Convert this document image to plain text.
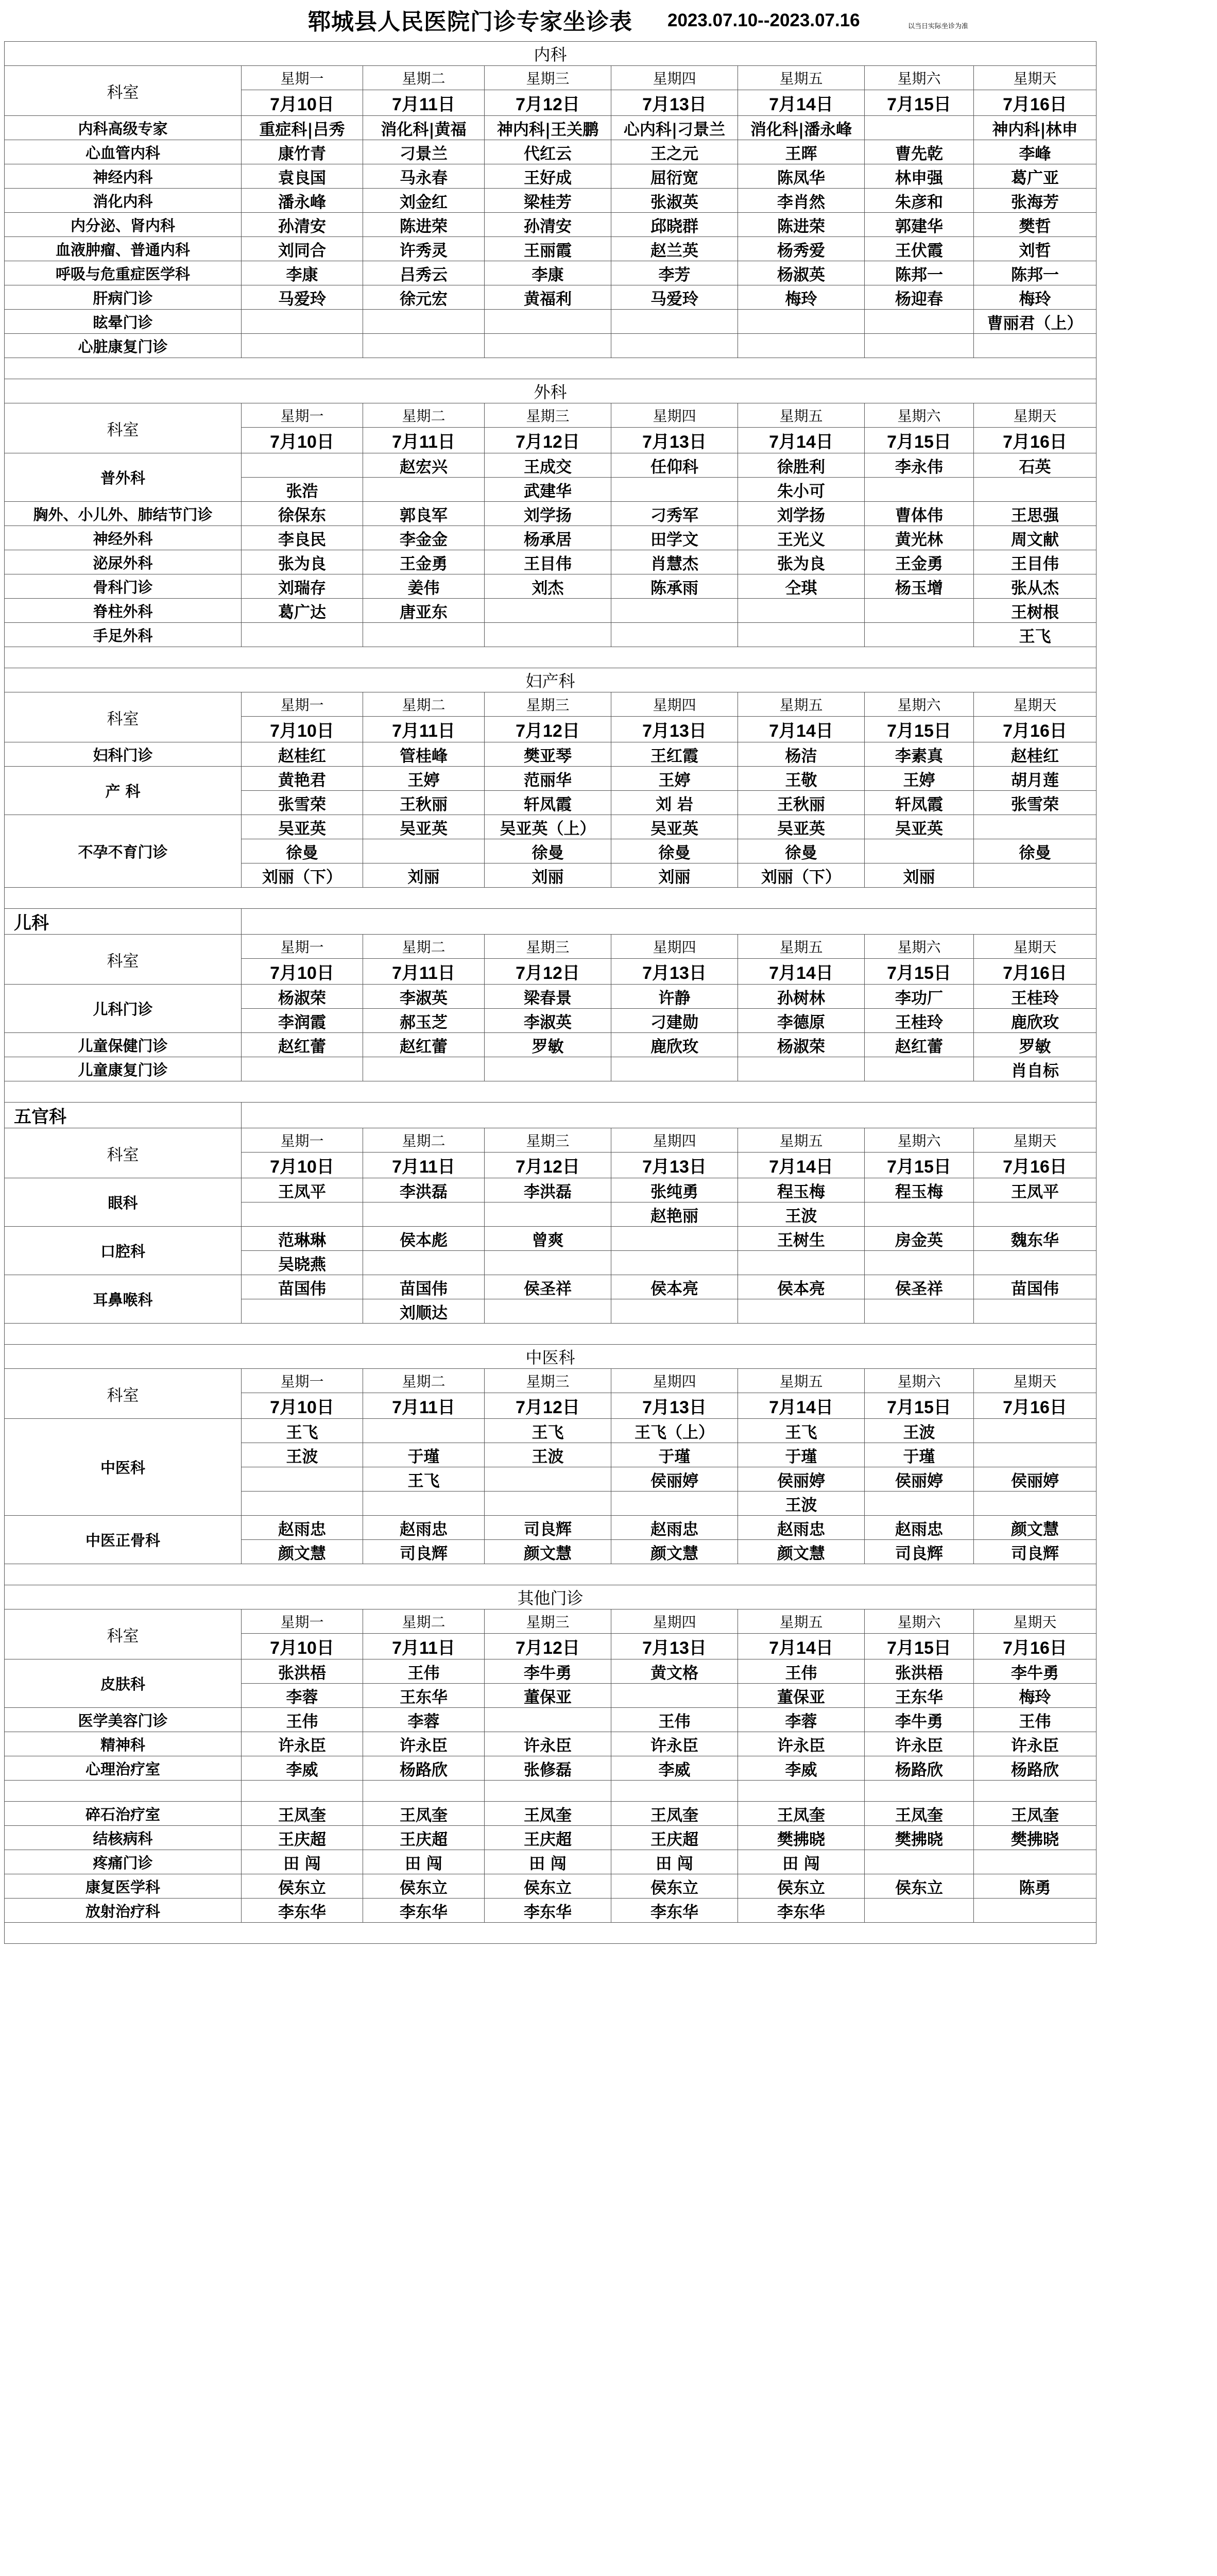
郓城县人民医院门诊专家坐诊表 2023.07.10--2023.07.16	以当日实际坐诊为准
内科							
科室	星期一	星期二	星期三	星期四	星期五	星期六	星期天
	7月10日	7月11日	7月12日	7月13日	7月14日	7月15日	7月16日
内科高级专家	重症科|吕秀	消化科|黄福	神内科|王关鹏	心内科|刁景兰	消化科|潘永峰		神内科|林申
心血管内科	康竹青	刁景兰	代红云	王之元	王晖	曹先乾	李峰
神经内科	袁良国	马永春	王好成	屈衍宽	陈凤华	林申强	葛广亚
消化内科	潘永峰	刘金红	梁桂芳	张淑英	李肖然	朱彦和	张海芳
内分泌、肾内科	孙清安	陈进荣	孙清安	邱晓群	陈进荣	郭建华	樊哲
血液肿瘤、普通内科	刘同合	许秀灵	王丽霞	赵兰英	杨秀爱	王伏霞	刘哲
呼吸与危重症医学科	李康	吕秀云	李康	李芳	杨淑英	陈邦一	陈邦一
肝病门诊	马爱玲	徐元宏	黄福利	马爱玲	梅玲	杨迎春	梅玲
眩晕门诊							曹丽君（上）
心脏康复门诊							

外科							
科室	星期一	星期二	星期三	星期四	星期五	星期六	星期天
	7月10日	7月11日	7月12日	7月13日	7月14日	7月15日	7月16日
普外科		赵宏兴	王成交	任仰科	徐胜利	李永伟	石英
	张浩		武建华		朱小可		
胸外、小儿外、肺结节门诊	徐保东	郭良军	刘学扬	刁秀军	刘学扬	曹体伟	王思强
神经外科	李良民	李金金	杨承居	田学文	王光义	黄光林	周文献
泌尿外科	张为良	王金勇	王目伟	肖慧杰	张为良	王金勇	王目伟
骨科门诊	刘瑞存	姜伟	刘杰	陈承雨	仝琪	杨玉增	张从杰
脊柱外科	葛广达	唐亚东					王树根
手足外科							王飞

妇产科							
科室	星期一	星期二	星期三	星期四	星期五	星期六	星期天
	7月10日	7月11日	7月12日	7月13日	7月14日	7月15日	7月16日
妇科门诊	赵桂红	管桂峰	樊亚琴	王红霞	杨洁	李素真	赵桂红
产 科	黄艳君	王婷	范丽华	王婷	王敬	王婷	胡月莲
	张雪荣	王秋丽	轩凤霞	刘 岩	王秋丽	轩凤霞	张雪荣
不孕不育门诊	吴亚英	吴亚英	吴亚英（上）	吴亚英	吴亚英	吴亚英	
	徐曼		徐曼	徐曼	徐曼		徐曼
	刘丽（下）	刘丽	刘丽	刘丽	刘丽（下）	刘丽	

儿科							
科室	星期一	星期二	星期三	星期四	星期五	星期六	星期天
	7月10日	7月11日	7月12日	7月13日	7月14日	7月15日	7月16日
儿科门诊	杨淑荣	李淑英	梁春景	许静	孙树林	李功厂	王桂玲
	李润霞	郝玉芝	李淑英	刁建勋	李德原	王桂玲	鹿欣玫
儿童保健门诊	赵红蕾	赵红蕾	罗敏	鹿欣玫	杨淑荣	赵红蕾	罗敏
儿童康复门诊							肖自标

五官科							
科室	星期一	星期二	星期三	星期四	星期五	星期六	星期天
	7月10日	7月11日	7月12日	7月13日	7月14日	7月15日	7月16日
眼科	王凤平	李洪磊	李洪磊	张纯勇	程玉梅	程玉梅	王凤平
				赵艳丽	王波		
口腔科	范琳琳	侯本彪	曾爽		王树生	房金英	魏东华
	吴晓燕						
耳鼻喉科	苗国伟	苗国伟	侯圣祥	侯本亮	侯本亮	侯圣祥	苗国伟
		刘顺达					

中医科							
科室	星期一	星期二	星期三	星期四	星期五	星期六	星期天
	7月10日	7月11日	7月12日	7月13日	7月14日	7月15日	7月16日
中医科	王飞		王飞	王飞（上）	王飞	王波	
	王波	于瑾	王波	于瑾	于瑾	于瑾	
		王飞		侯丽婷	侯丽婷	侯丽婷	侯丽婷
					王波		
中医正骨科	赵雨忠	赵雨忠	司良辉	赵雨忠	赵雨忠	赵雨忠	颜文慧
	颜文慧	司良辉	颜文慧	颜文慧	颜文慧	司良辉	司良辉

其他门诊							
科室	星期一	星期二	星期三	星期四	星期五	星期六	星期天
	7月10日	7月11日	7月12日	7月13日	7月14日	7月15日	7月16日
皮肤科	张洪梧	王伟	李牛勇	黄文格	王伟	张洪梧	李牛勇
	李蓉	王东华	董保亚		董保亚	王东华	梅玲
医学美容门诊	王伟	李蓉		王伟	李蓉	李牛勇	王伟
精神科	许永臣	许永臣	许永臣	许永臣	许永臣	许永臣	许永臣
心理治疗室	李威	杨路欣	张修磊	李威	李威	杨路欣	杨路欣

碎石治疗室	王凤奎	王凤奎	王凤奎	王凤奎	王凤奎	王凤奎	王凤奎
结核病科	王庆超	王庆超	王庆超	王庆超	樊拂晓	樊拂晓	樊拂晓
疼痛门诊	田 闯	田 闯	田 闯	田 闯	田 闯		
康复医学科	侯东立	侯东立	侯东立	侯东立	侯东立	侯东立	陈勇
放射治疗科	李东华	李东华	李东华	李东华	李东华		
